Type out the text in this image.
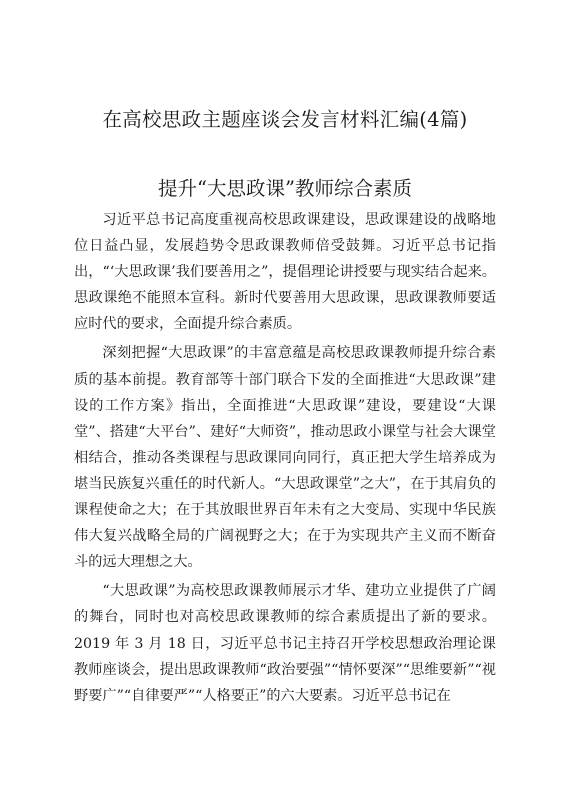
在高校思政主题座谈会发言材料汇编(4篇)
提升“大思政课”教师综合素质

习近平总书记高度重视高校思政课建设，思政课建设的战略地位日益凸显，发展趋势令思政课教师倍受鼓舞。习近平总书记指出，“‘大思政课’我们要善用之”，提倡理论讲授要与现实结合起来。思政课绝不能照本宣科。新时代要善用大思政课，思政课教师要适应时代的要求，全面提升综合素质。

深刻把握“大思政课”的丰富意蕴是高校思政课教师提升综合素质的基本前提。教育部等十部门联合下发的全面推进“大思政课”建设的工作方案》指出，全面推进“大思政课”建设，要建设“大课堂”、搭建“大平台”、建好“大师资”，推动思政小课堂与社会大课堂相结合，推动各类课程与思政课同向同行，真正把大学生培养成为堪当民族复兴重任的时代新人。“大思政课堂”之大”，在于其肩负的课程使命之大；在于其放眼世界百年未有之大变局、实现中华民族伟大复兴战略全局的广阔视野之大；在于为实现共产主义而不断奋斗的远大理想之大。

“大思政课”为高校思政课教师展示才华、建功立业提供了广阔的舞台，同时也对高校思政课教师的综合素质提出了新的要求。2019 年 3 月 18 日，习近平总书记主持召开学校思想政治理论课教师座谈会，提出思政课教师“政治要强”“情怀要深”“思维要新”“视野要广”“自律要严”“人格要正”的六大要素。习近平总书记在
